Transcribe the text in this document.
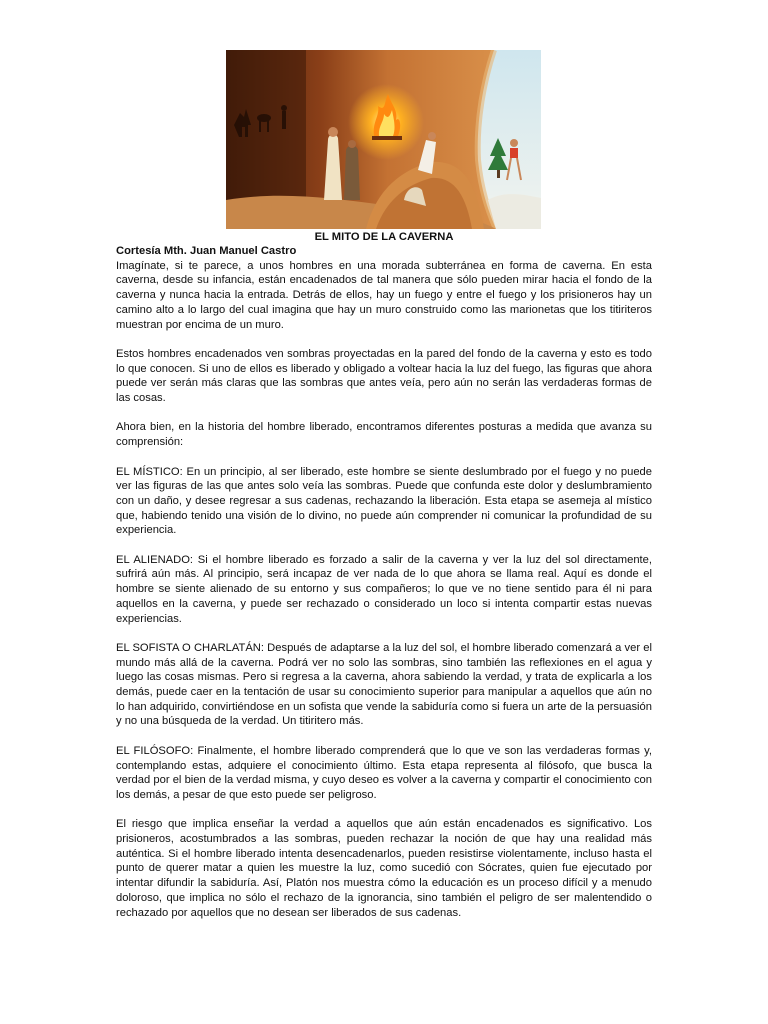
EL MITO DE LA CAVERNA

Cortesía Mth. Juan Manuel Castro
Imagínate, si te parece, a unos hombres en una morada subterránea en forma de caverna. En esta caverna, desde su infancia, están encadenados de tal manera que sólo pueden mirar hacia el fondo de la caverna y nunca hacia la entrada. Detrás de ellos, hay un fuego y entre el fuego y los prisioneros hay un camino alto a lo largo del cual imagina que hay un muro construido como las marionetas que los titiriteros muestran por encima de un muro.

Estos hombres encadenados ven sombras proyectadas en la pared del fondo de la caverna y esto es todo lo que conocen. Si uno de ellos es liberado y obligado a voltear hacia la luz del fuego, las figuras que ahora puede ver serán más claras que las sombras que antes veía, pero aún no serán las verdaderas formas de las cosas.

Ahora bien, en la historia del hombre liberado, encontramos diferentes posturas a medida que avanza su comprensión:

EL MÍSTICO: En un principio, al ser liberado, este hombre se siente deslumbrado por el fuego y no puede ver las figuras de las que antes solo veía las sombras. Puede que confunda este dolor y deslumbramiento con un daño, y desee regresar a sus cadenas, rechazando la liberación. Esta etapa se asemeja al místico que, habiendo tenido una visión de lo divino, no puede aún comprender ni comunicar la profundidad de su experiencia.

EL ALIENADO: Si el hombre liberado es forzado a salir de la caverna y ver la luz del sol directamente, sufrirá aún más. Al principio, será incapaz de ver nada de lo que ahora se llama real. Aquí es donde el hombre se siente alienado de su entorno y sus compañeros; lo que ve no tiene sentido para él ni para aquellos en la caverna, y puede ser rechazado o considerado un loco si intenta compartir estas nuevas experiencias.

EL SOFISTA O CHARLATÁN: Después de adaptarse a la luz del sol, el hombre liberado comenzará a ver el mundo más allá de la caverna. Podrá ver no solo las sombras, sino también las reflexiones en el agua y luego las cosas mismas. Pero si regresa a la caverna, ahora sabiendo la verdad, y trata de explicarla a los demás, puede caer en la tentación de usar su conocimiento superior para manipular a aquellos que aún no lo han adquirido, convirtiéndose en un sofista que vende la sabiduría como si fuera un arte de la persuasión y no una búsqueda de la verdad. Un titiritero más.

EL FILÓSOFO: Finalmente, el hombre liberado comprenderá que lo que ve son las verdaderas formas y, contemplando estas, adquiere el conocimiento último. Esta etapa representa al filósofo, que busca la verdad por el bien de la verdad misma, y cuyo deseo es volver a la caverna y compartir el conocimiento con los demás, a pesar de que esto puede ser peligroso.

El riesgo que implica enseñar la verdad a aquellos que aún están encadenados es significativo. Los prisioneros, acostumbrados a las sombras, pueden rechazar la noción de que hay una realidad más auténtica. Si el hombre liberado intenta desencadenarlos, pueden resistirse violentamente, incluso hasta el punto de querer matar a quien les muestre la luz, como sucedió con Sócrates, quien fue ejecutado por intentar difundir la sabiduría. Así, Platón nos muestra cómo la educación es un proceso difícil y a menudo doloroso, que implica no sólo el rechazo de la ignorancia, sino también el peligro de ser malentendido o rechazado por aquellos que no desean ser liberados de sus cadenas.
